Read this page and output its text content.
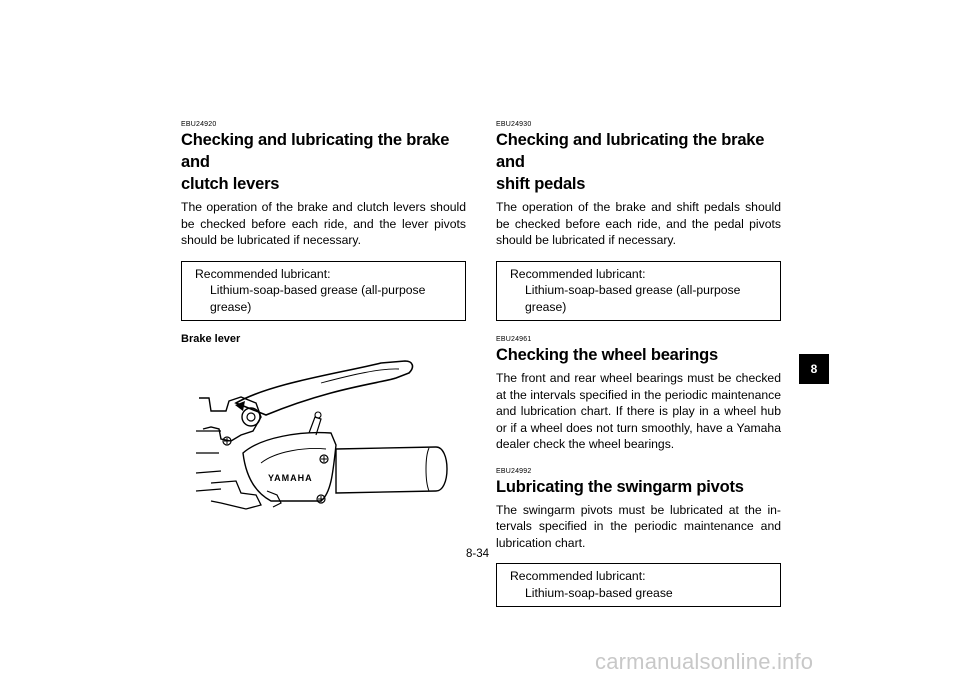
EBU24920

Checking and lubricating the brake and
clutch levers

The operation of the brake and clutch levers should be checked before each ride, and the lever pivots should be lubricated if necessary.

Recommended lubricant:
Lithium-soap-based grease (all-purpose grease)
Brake lever
YAMAHA

EBU24930

Checking and lubricating the brake and
shift pedals

The operation of the brake and shift pedals should be checked before each ride, and the pedal pivots should be lubricated if necessary.

Recommended lubricant:
Lithium-soap-based grease (all-purpose grease)

EBU24961

Checking the wheel bearings

The front and rear wheel bearings must be checked at the intervals specified in the periodic maintenance and lubrication chart. If there is play in a wheel hub or if a wheel does not turn smoothly, have a Yamaha dealer check the wheel bearings.

EBU24992

Lubricating the swingarm pivots

The swingarm pivots must be lubricated at the in-tervals specified in the periodic maintenance and lubrication chart.

Recommended lubricant:
Lithium-soap-based grease
8-34
8
carmanualsonline.info
